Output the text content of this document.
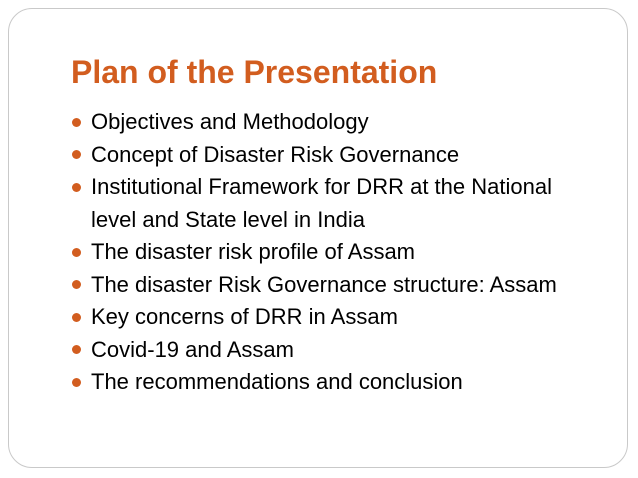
Plan of the Presentation
Objectives and Methodology
Concept of Disaster Risk Governance
Institutional Framework for DRR at the National level and State level in India
The disaster risk profile of Assam
The disaster Risk Governance structure: Assam
Key concerns of DRR in Assam
Covid-19 and Assam
The recommendations and conclusion
